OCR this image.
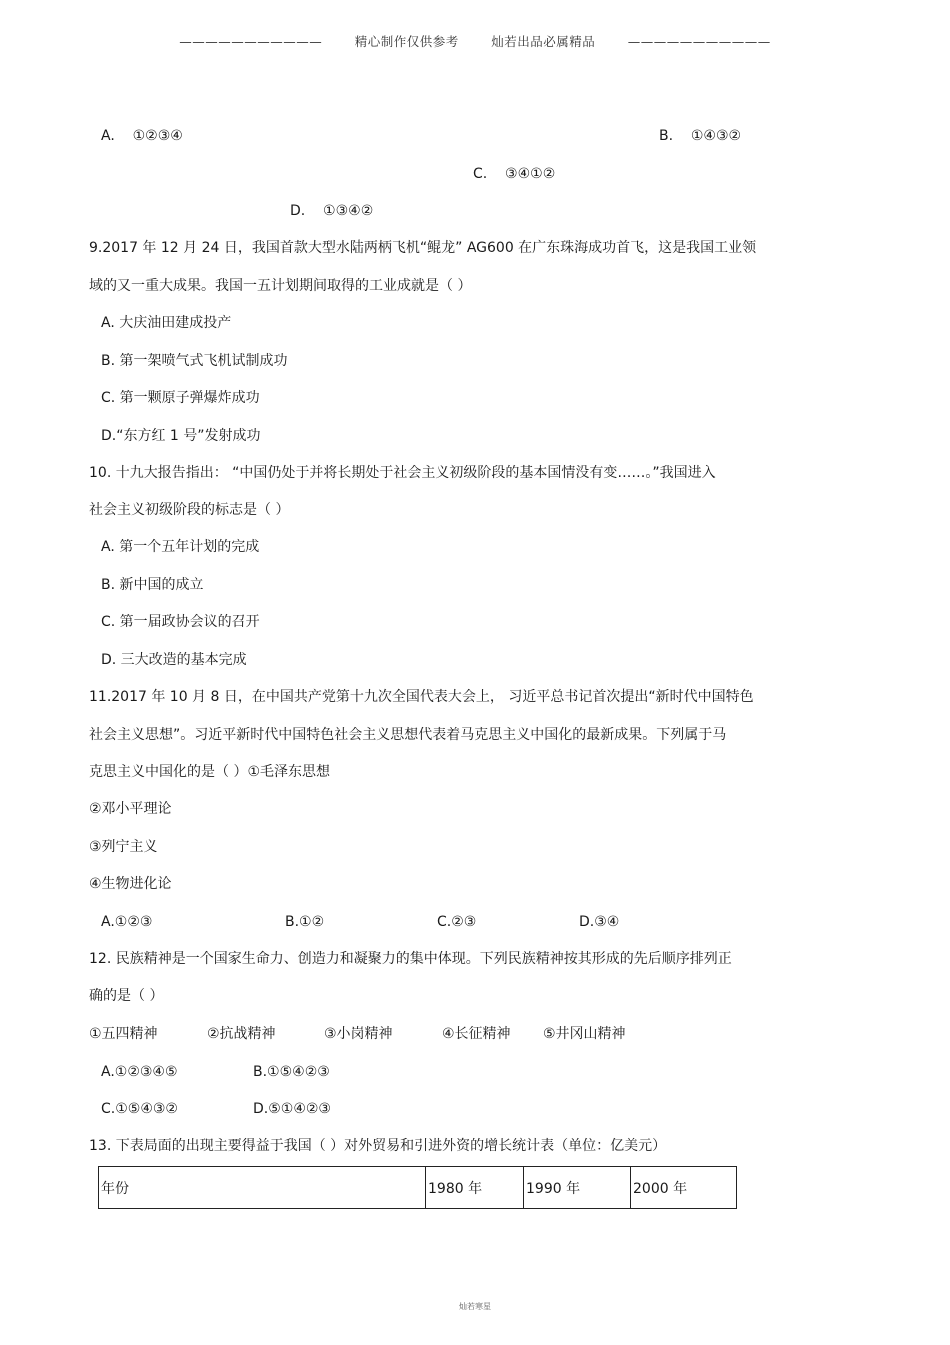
———————————	精心制作仅供参考	灿若出品必属精品	———————————
A. ①②③④	B. ①④③②
C. ③④①②
D. ①③④②
9.2017 年 12 月 24 日，我国首款大型水陆两柄飞机“鲲龙” AG600 在广东珠海成功首飞，这是我国工业领
域的又一重大成果。我国一五计划期间取得的工业成就是（ ）
A. 大庆油田建成投产
B. 第一架喷气式飞机试制成功
C. 第一颗原子弹爆炸成功
D.“东方红 1 号”发射成功
10. 十九大报告指出： “中国仍处于并将长期处于社会主义初级阶段的基本国情没有变……。”我国进入
社会主义初级阶段的标志是（ ）
A. 第一个五年计划的完成
B. 新中国的成立
C. 第一届政协会议的召开
D. 三大改造的基本完成
11.2017 年 10 月 8 日，在中国共产党第十九次全国代表大会上， 习近平总书记首次提出“新时代中国特色
社会主义思想”。习近平新时代中国特色社会主义思想代表着马克思主义中国化的最新成果。下列属于马
克思主义中国化的是（ ）①毛泽东思想
②邓小平理论
③列宁主义
④生物进化论
A.①②③	B.①②	C.②③	D.③④
12. 民族精神是一个国家生命力、创造力和凝聚力的集中体现。下列民族精神按其形成的先后顺序排列正
确的是（ ）
①五四精神	②抗战精神	③小岗精神	④长征精神 ⑤井冈山精神
A.①②③④⑤	B.①⑤④②③
C.①⑤④③②	D.⑤①④②③
13. 下表局面的出现主要得益于我国（ ）对外贸易和引进外资的增长统计表（单位：亿美元）
年份	1980 年	1990 年	2000 年
灿若寒星
